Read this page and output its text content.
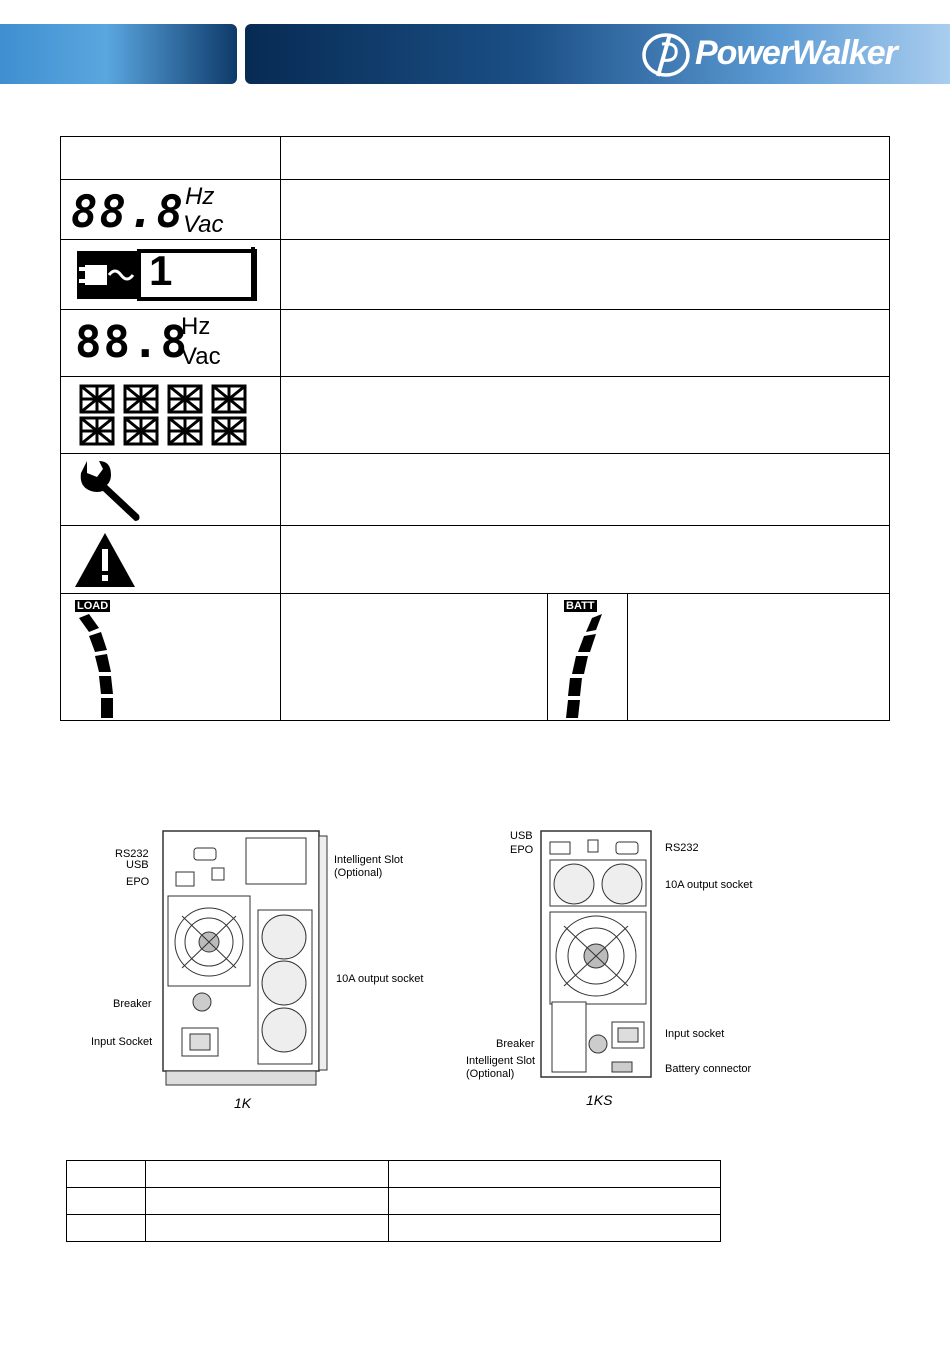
PowerWalker

88.8 Hz
Vac			

1			

88.8
Hz
Vac			

LOAD		BATT	

RS232
USB
EPO
Intelligent Slot
(Optional)
10A output socket
Breaker
Input Socket
1K
USB
EPO	RS232
10A output socket
Breaker
Input socket
Intelligent Slot
(Optional)	Battery connector
1KS
